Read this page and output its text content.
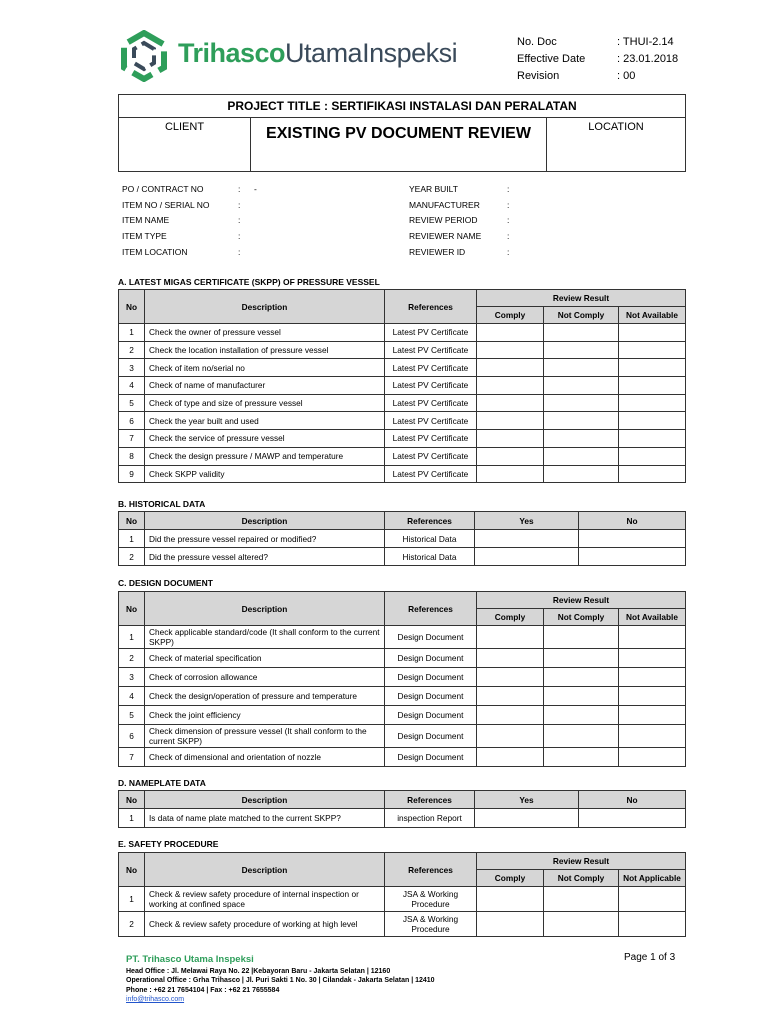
TrihascoUtamaInspeksi	No. Doc	: THUI-2.14
Effective Date	: 23.01.2018
Revision	: 00
PROJECT TITLE : SERTIFIKASI INSTALASI DAN PERALATAN
CLIENT	EXISTING PV DOCUMENT REVIEW	LOCATION
PO / CONTRACT NO	:	-
ITEM NO / SERIAL NO	:
ITEM NAME	:
ITEM TYPE	:
ITEM LOCATION	:
YEAR BUILT	:
MANUFACTURER	:
REVIEW PERIOD	:
REVIEWER NAME	:
REVIEWER ID	:
A. LATEST MIGAS CERTIFICATE (SKPP) OF PRESSURE VESSEL
No	Description	References	Review Result		
			Comply	Not Comply	Not Available
1	Check the owner of pressure vessel	Latest PV Certificate			
2	Check the location installation of pressure vessel	Latest PV Certificate			
3	Check of item no/serial no	Latest PV Certificate			
4	Check of name of manufacturer	Latest PV Certificate			
5	Check of type and size of pressure vessel	Latest PV Certificate			
6	Check the year built and used	Latest PV Certificate			
7	Check the service of pressure vessel	Latest PV Certificate			
8	Check the design pressure / MAWP and temperature	Latest PV Certificate			
9	Check SKPP validity	Latest PV Certificate			
B. HISTORICAL DATA
No	Description	References	Yes	No
1	Did the pressure vessel repaired or modified?	Historical Data		
2	Did the pressure vessel altered?	Historical Data		
C. DESIGN DOCUMENT
No	Description	References	Review Result		
			Comply	Not Comply	Not Available
1	Check applicable standard/code (It shall conform to the current SKPP)	Design Document			
2	Check of material specification	Design Document			
3	Check of corrosion allowance	Design Document			
4	Check the design/operation of pressure and temperature	Design Document			
5	Check the joint efficiency	Design Document			
6	Check dimension of pressure vessel (It shall conform to the current SKPP)	Design Document			
7	Check of dimensional and orientation of nozzle	Design Document			
D. NAMEPLATE DATA
No	Description	References	Yes	No
1	Is data of name plate matched to the current SKPP?	inspection Report		
E. SAFETY PROCEDURE
No	Description	References	Review Result		
			Comply	Not Comply	Not Applicable
1	Check & review safety procedure of internal inspection or working at confined space	JSA & Working Procedure			
2	Check & review safety procedure of working at high level	JSA & Working Procedure			
PT. Trihasco Utama Inspeksi
Head Office : Jl. Melawai Raya No. 22 |Kebayoran Baru - Jakarta Selatan | 12160
Operational Office : Grha Trihasco | Jl. Puri Sakti 1 No. 30 | Cilandak - Jakarta Selatan | 12410
Phone : +62 21 7654104 | Fax : +62 21 7655584
info@trihasco.com
Page 1 of 3
